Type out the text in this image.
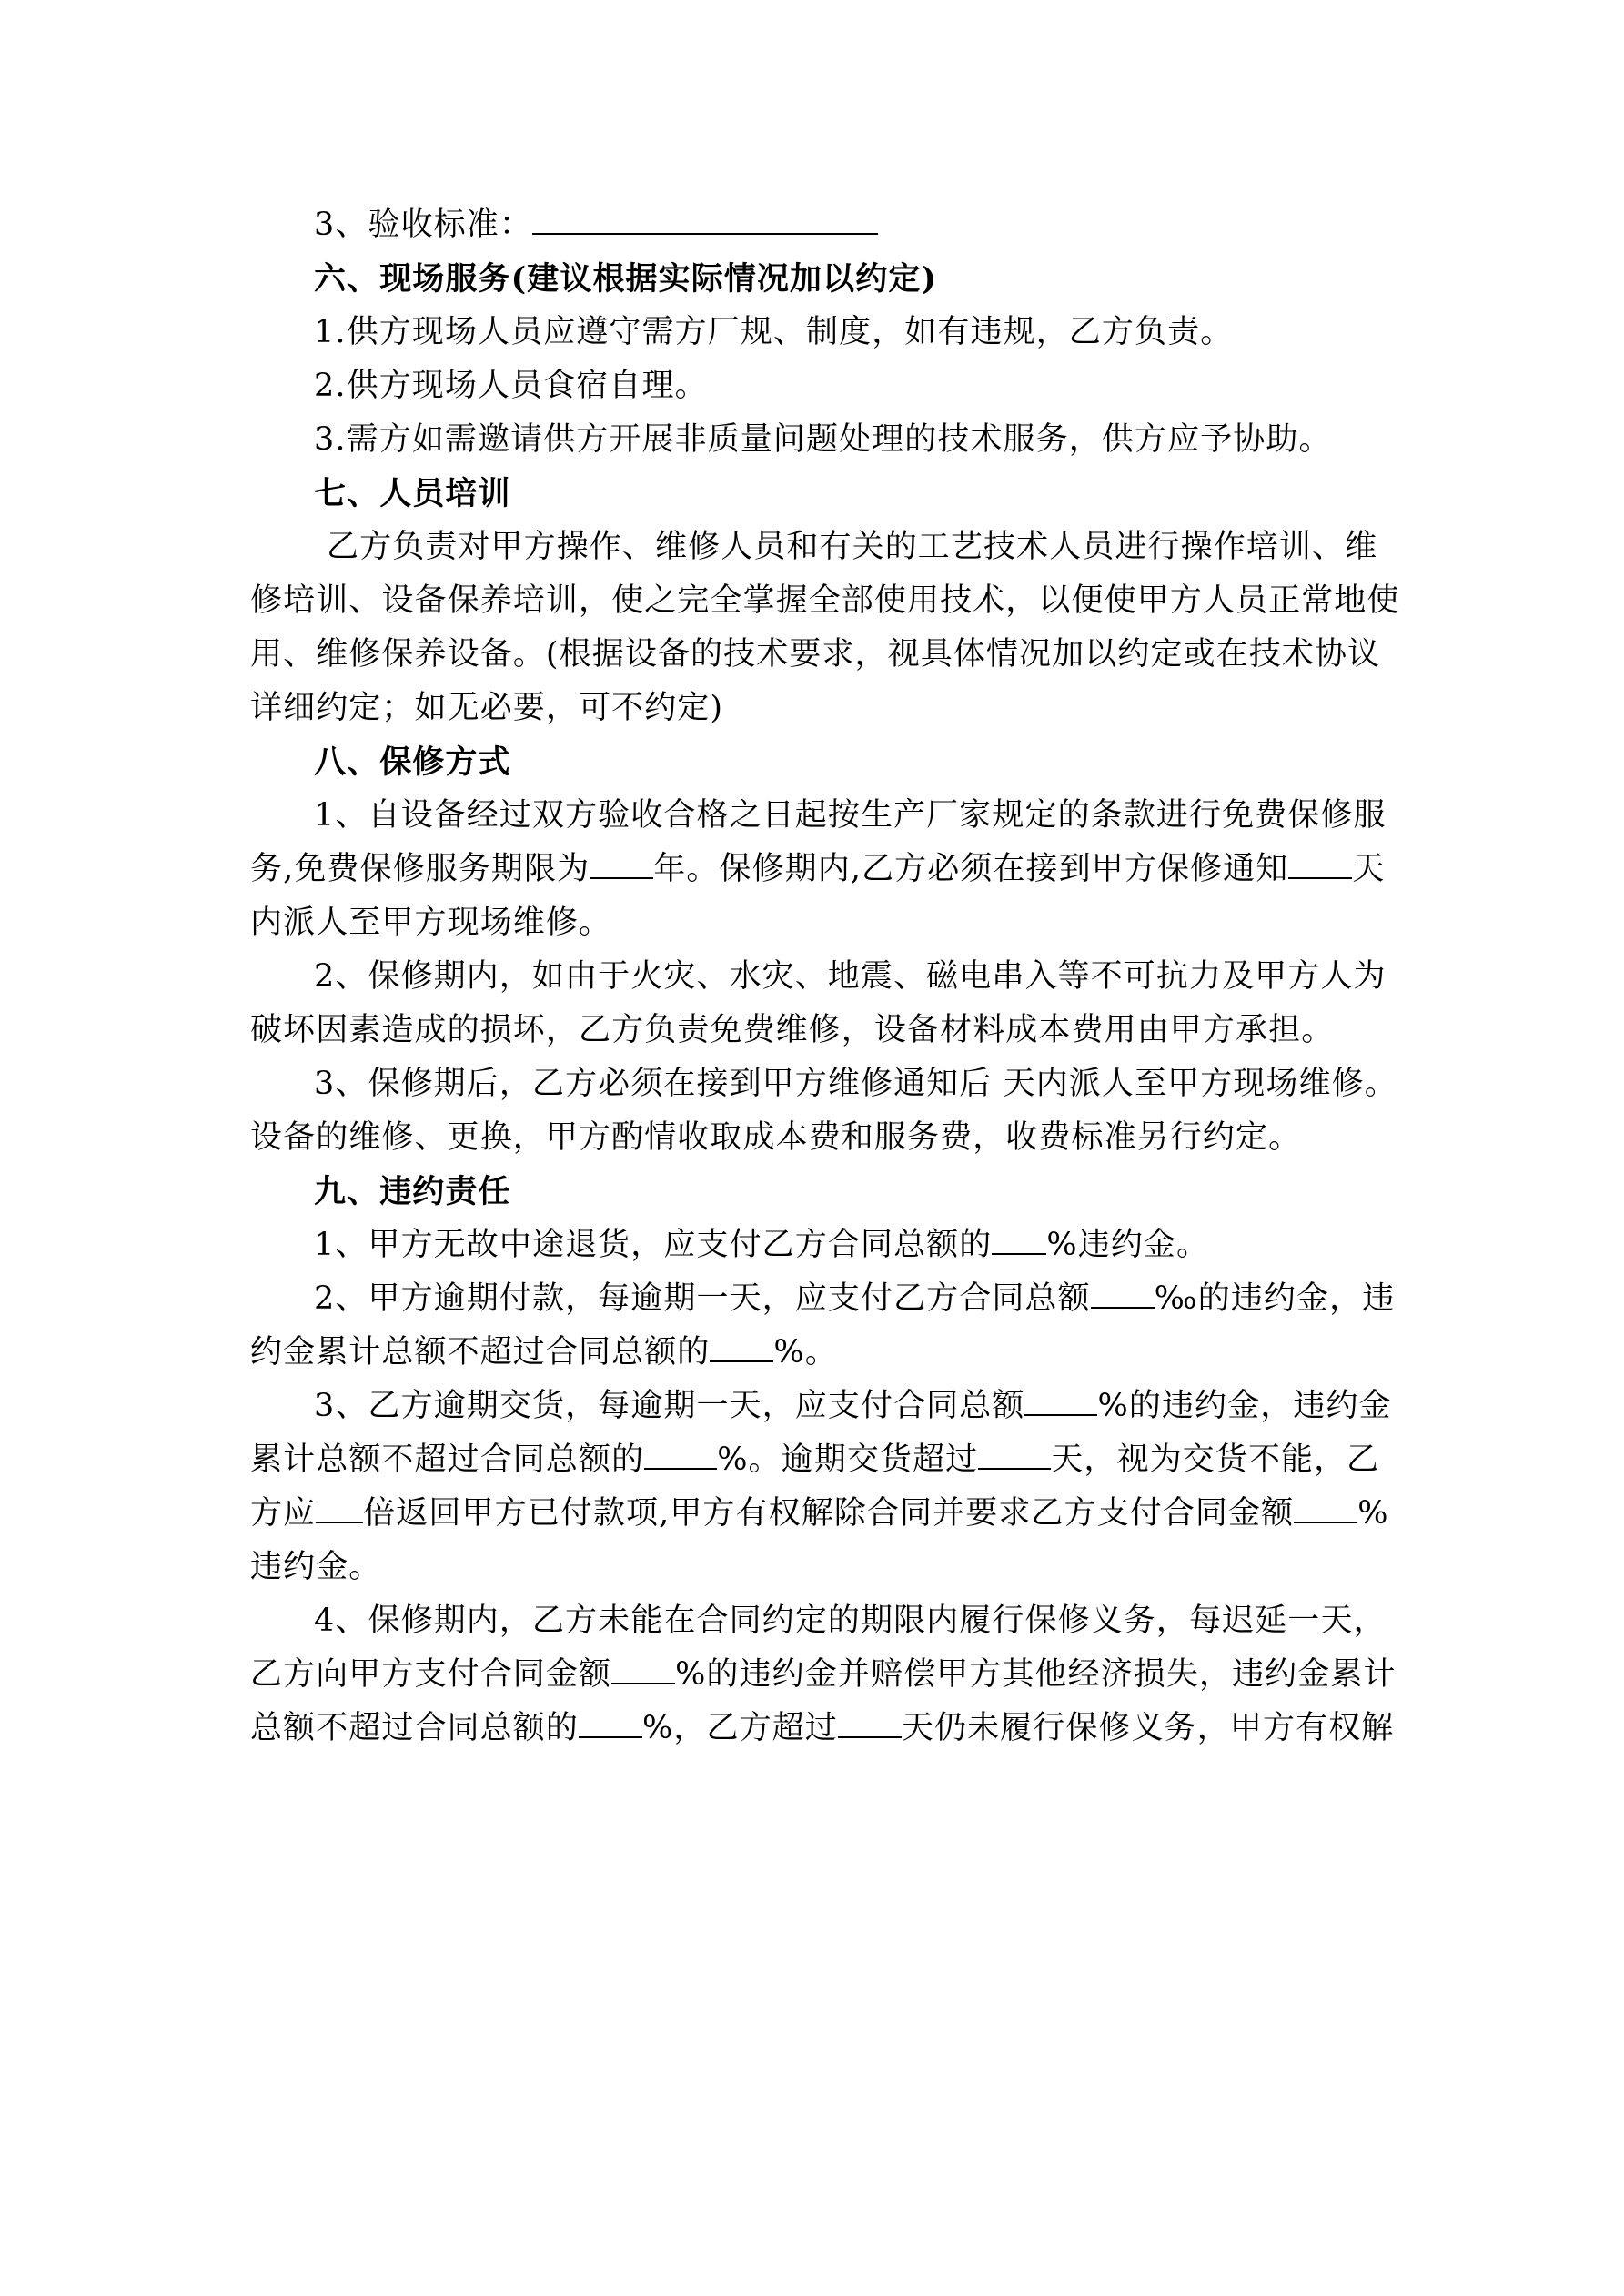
3、验收标准：
六、现场服务(建议根据实际情况加以约定)
1.供方现场人员应遵守需方厂规、制度，如有违规，乙方负责。
2.供方现场人员食宿自理。
3.需方如需邀请供方开展非质量问题处理的技术服务，供方应予协助。
七、人员培训
乙方负责对甲方操作、维修人员和有关的工艺技术人员进行操作培训、维
修培训、设备保养培训，使之完全掌握全部使用技术，以便使甲方人员正常地使
用、维修保养设备。(根据设备的技术要求，视具体情况加以约定或在技术协议
详细约定；如无必要，可不约定)
八、保修方式
1、自设备经过双方验收合格之日起按生产厂家规定的条款进行免费保修服
务,免费保修服务期限为 年。保修期内,乙方必须在接到甲方保修通知 天
内派人至甲方现场维修。
2、保修期内，如由于火灾、水灾、地震、磁电串入等不可抗力及甲方人为
破坏因素造成的损坏，乙方负责免费维修，设备材料成本费用由甲方承担。
3、保修期后，乙方必须在接到甲方维修通知后 天内派人至甲方现场维修。
设备的维修、更换，甲方酌情收取成本费和服务费，收费标准另行约定。
九、违约责任
1、甲方无故中途退货，应支付乙方合同总额的 %违约金。
2、甲方逾期付款，每逾期一天，应支付乙方合同总额 ‰的违约金，违
约金累计总额不超过合同总额的 %。
3、乙方逾期交货，每逾期一天，应支付合同总额 %的违约金，违约金
累计总额不超过合同总额的 %。逾期交货超过 天，视为交货不能，乙
方应 倍返回甲方已付款项,甲方有权解除合同并要求乙方支付合同金额 %
违约金。
4、保修期内，乙方未能在合同约定的期限内履行保修义务，每迟延一天，
乙方向甲方支付合同金额 %的违约金并赔偿甲方其他经济损失，违约金累计
总额不超过合同总额的 %，乙方超过 天仍未履行保修义务，甲方有权解
